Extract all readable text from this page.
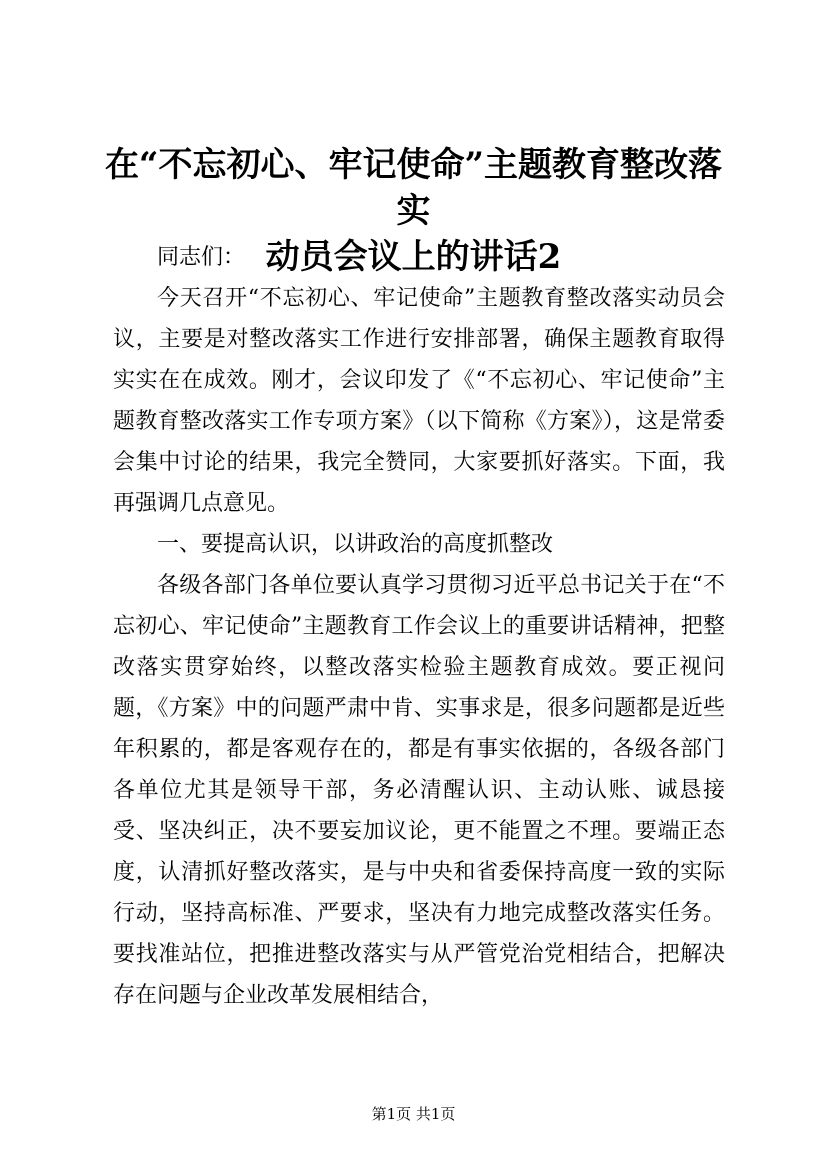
在“不忘初心、牢记使命”主题教育整改落实
动员会议上的讲话2

同志们：

今天召开“不忘初心、牢记使命”主题教育整改落实动员会议，主要是对整改落实工作进行安排部署，确保主题教育取得实实在在成效。刚才，会议印发了《“不忘初心、牢记使命”主题教育整改落实工作专项方案》（以下简称《方案》），这是常委会集中讨论的结果，我完全赞同，大家要抓好落实。下面，我再强调几点意见。

一、要提高认识，以讲政治的高度抓整改

各级各部门各单位要认真学习贯彻习近平总书记关于在“不忘初心、牢记使命”主题教育工作会议上的重要讲话精神，把整改落实贯穿始终，以整改落实检验主题教育成效。要正视问题，《方案》中的问题严肃中肯、实事求是，很多问题都是近些年积累的，都是客观存在的，都是有事实依据的，各级各部门各单位尤其是领导干部，务必清醒认识、主动认账、诚恳接受、坚决纠正，决不要妄加议论，更不能置之不理。要端正态度，认清抓好整改落实，是与中央和省委保持高度一致的实际行动，坚持高标准、严要求，坚决有力地完成整改落实任务。要找准站位，把推进整改落实与从严管党治党相结合，把解决存在问题与企业改革发展相结合，

第1页 共1页
